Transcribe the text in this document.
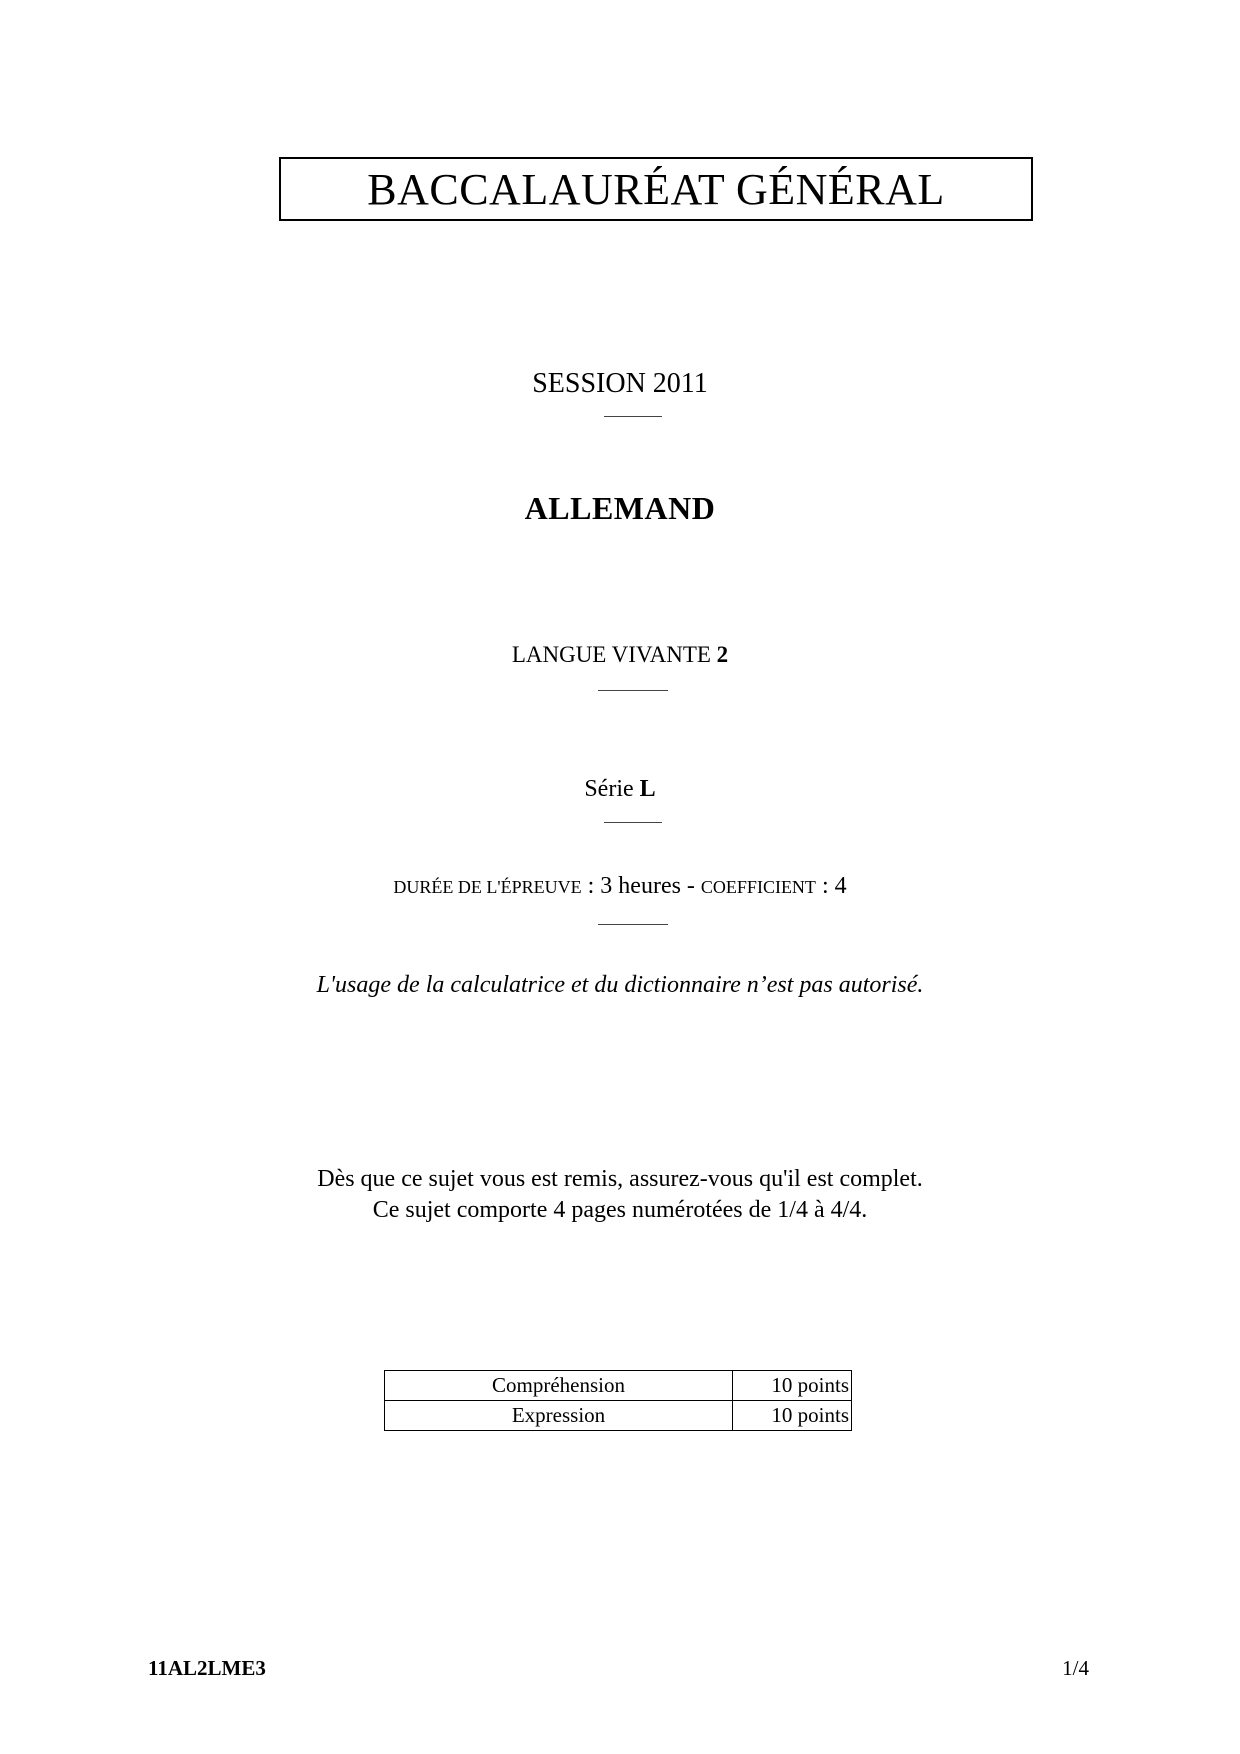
BACCALAURÉAT GÉNÉRAL
SESSION 2011
ALLEMAND
LANGUE VIVANTE 2
Série L
DURÉE DE L'ÉPREUVE : 3 heures - COEFFICIENT : 4
L'usage de la calculatrice et du dictionnaire n’est pas autorisé.
Dès que ce sujet vous est remis, assurez-vous qu'il est complet.
Ce sujet comporte 4 pages numérotées de 1/4 à 4/4.
Compréhension	10 points
Expression	10 points
11AL2LME3	1/4
